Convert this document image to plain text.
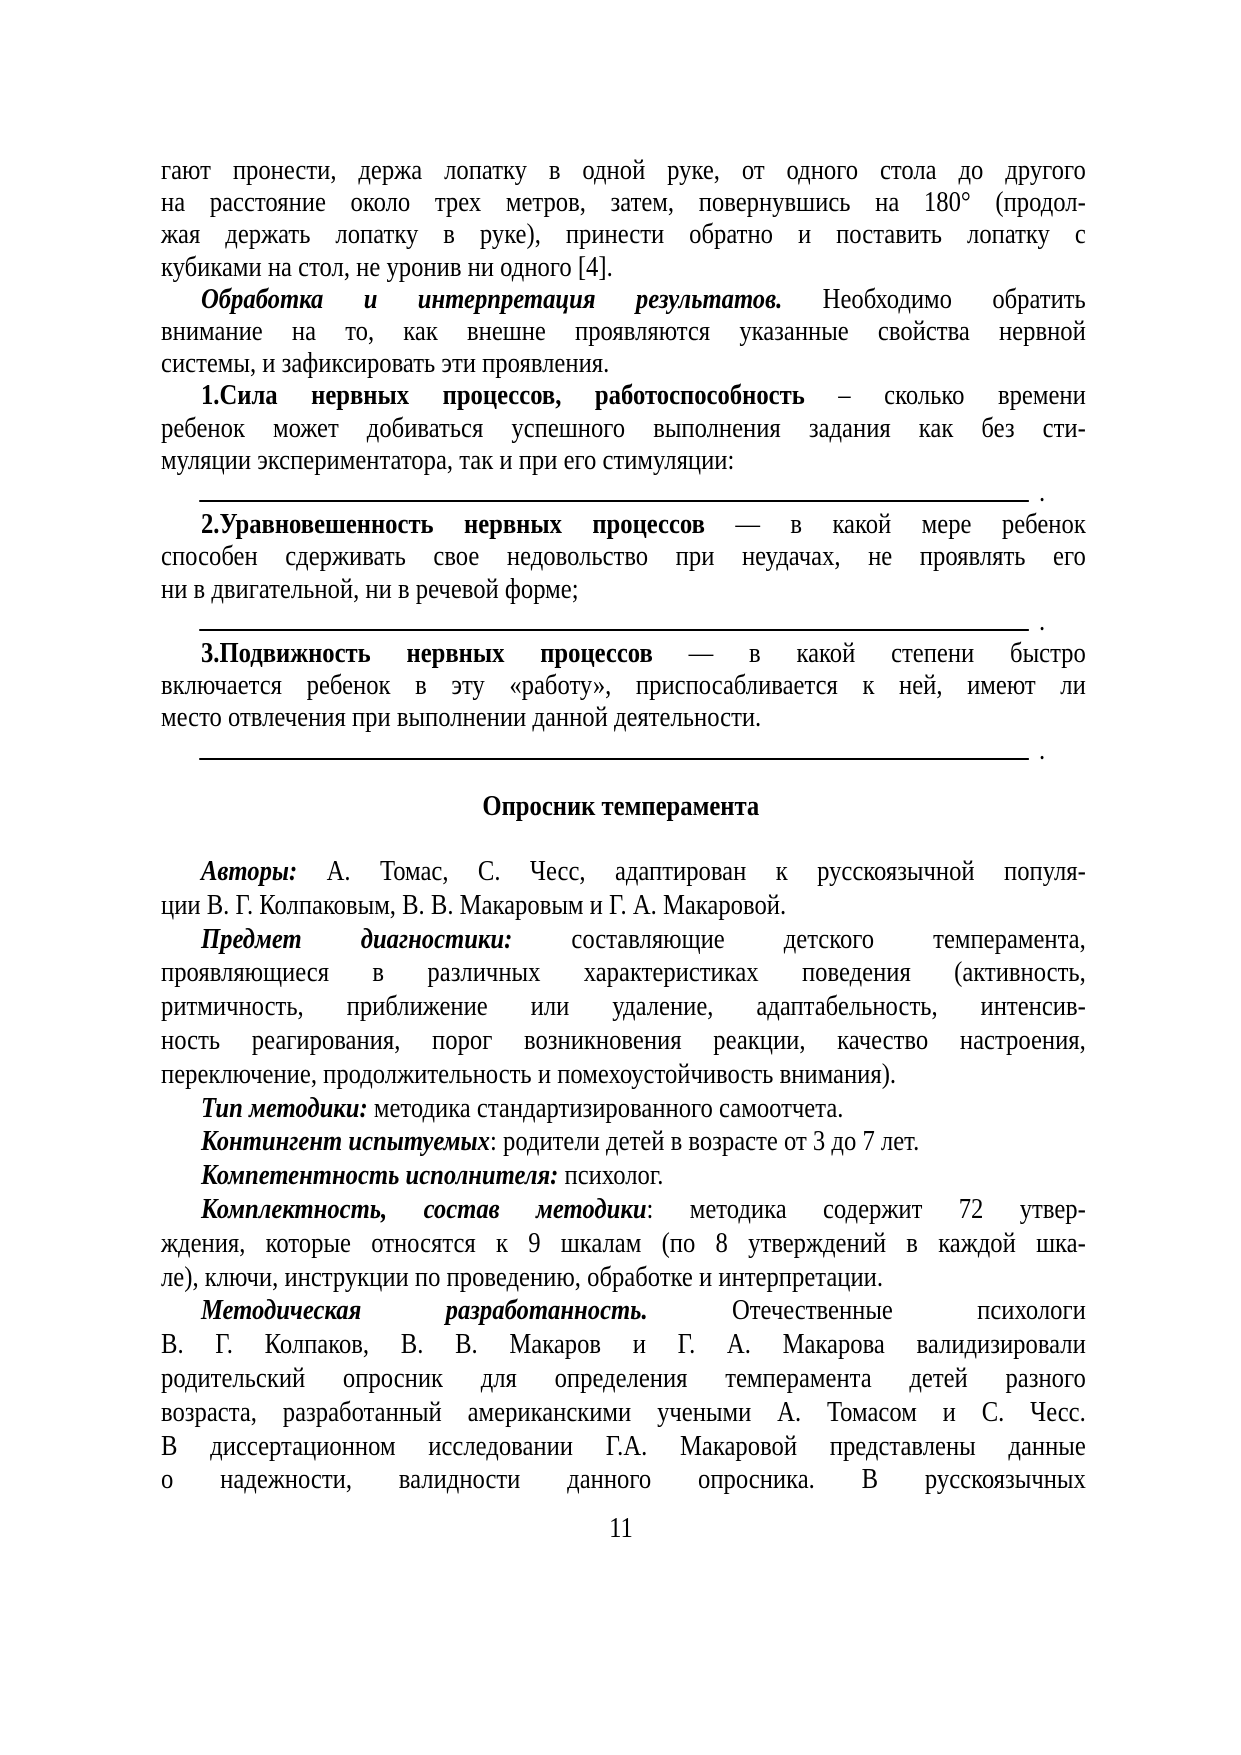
гают пронести, держа лопатку в одной руке, от одного стола до другого
на расстояние около трех метров, затем, повернувшись на 180° (продол-
жая держать лопатку в руке), принести обратно и поставить лопатку с
кубиками на стол, не уронив ни одного [4].
Обработка и интерпретация результатов. Необходимо обратить
внимание на то, как внешне проявляются указанные свойства нервной
системы, и зафиксировать эти проявления.
1.Сила нервных процессов, работоспособность – сколько времени
ребенок может добиваться успешного выполнения задания как без сти-
муляции экспериментатора, так и при его стимуляции:
.
2.Уравновешенность нервных процессов — в какой мере ребенок
способен сдерживать свое недовольство при неудачах, не проявлять его
ни в двигательной, ни в речевой форме;
.
3.Подвижность нервных процессов — в какой степени быстро
включается ребенок в эту «работу», приспосабливается к ней, имеют ли
место отвлечения при выполнении данной деятельности.
.
Опросник темперамента
Авторы: А. Томас, С. Чесс, адаптирован к русскоязычной популя-
ции В. Г. Колпаковым, В. В. Макаровым и Г. А. Макаровой.
Предмет диагностики: составляющие детского темперамента,
проявляющиеся в различных характеристиках поведения (активность,
ритмичность, приближение или удаление, адаптабельность, интенсив-
ность реагирования, порог возникновения реакции, качество настроения,
переключение, продолжительность и помехоустойчивость внимания).
Тип методики: методика стандартизированного самоотчета.
Контингент испытуемых: родители детей в возрасте от 3 до 7 лет.
Компетентность исполнителя: психолог.
Комплектность, состав методики: методика содержит 72 утвер-
ждения, которые относятся к 9 шкалам (по 8 утверждений в каждой шка-
ле), ключи, инструкции по проведению, обработке и интерпретации.
Методическая разработанность. Отечественные психологи
В. Г. Колпаков, В. В. Макаров и Г. А. Макарова валидизировали
родительский опросник для определения темперамента детей разного
возраста, разработанный американскими учеными А. Томасом и С. Чесс.
В диссертационном исследовании Г.А. Макаровой представлены данные
о надежности, валидности данного опросника. В русскоязычных
11
